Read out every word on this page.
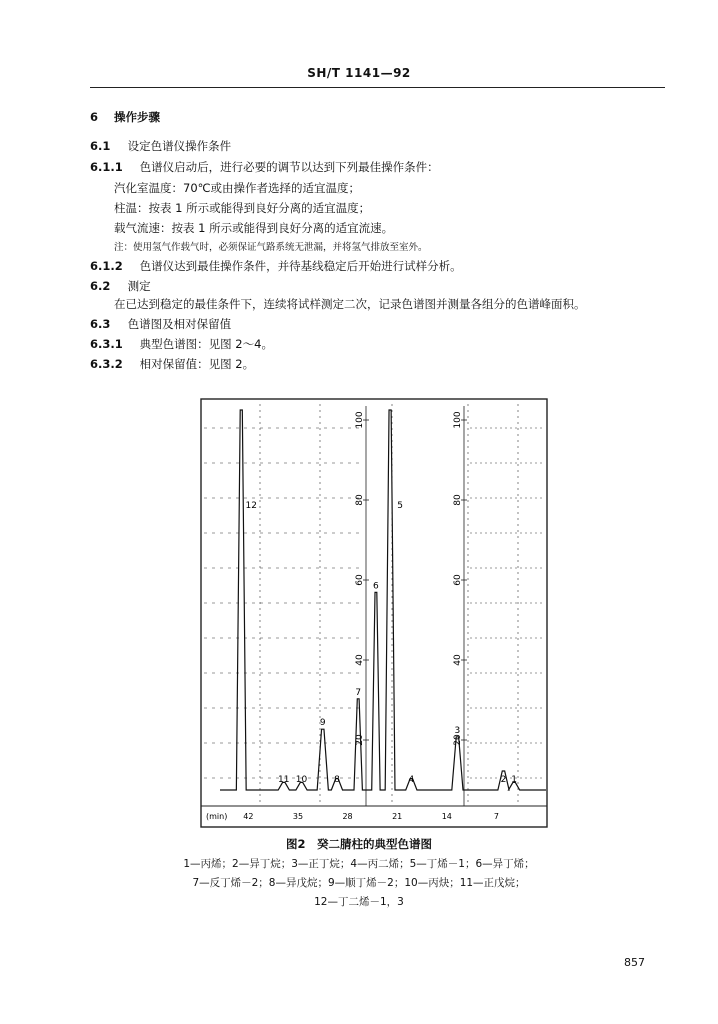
SH/T 1141—92
6 操作步骤
6.1 设定色谱仪操作条件
6.1.1 色谱仪启动后，进行必要的调节以达到下列最佳操作条件：
汽化室温度：70℃或由操作者选择的适宜温度；
柱温：按表 1 所示或能得到良好分离的适宜温度；
载气流速：按表 1 所示或能得到良好分离的适宜流速。
注：使用氢气作载气时，必须保证气路系统无泄漏，并将氢气排放至室外。
6.1.2 色谱仪达到最佳操作条件，并待基线稳定后开始进行试样分析。
6.2 测定
在已达到稳定的最佳条件下，连续将试样测定二次，记录色谱图并测量各组分的色谱峰面积。
6.3 色谱图及相对保留值
6.3.1 典型色谱图：见图 2～4。
6.3.2 相对保留值：见图 2。
100
80
60
40
20
100
80
60
40
20
12
11 10
9
8
7
6
5
4
3
2 1
(min) 42	35	28	21	14	7
图2　癸二腈柱的典型色谱图
1—丙烯；2—异丁烷；3—正丁烷；4—丙二烯；5—丁烯－1；6—异丁烯；
7—反丁烯－2；8—异戊烷；9—顺丁烯－2；10—丙炔；11—正戊烷；
12—丁二烯－1，3
857
